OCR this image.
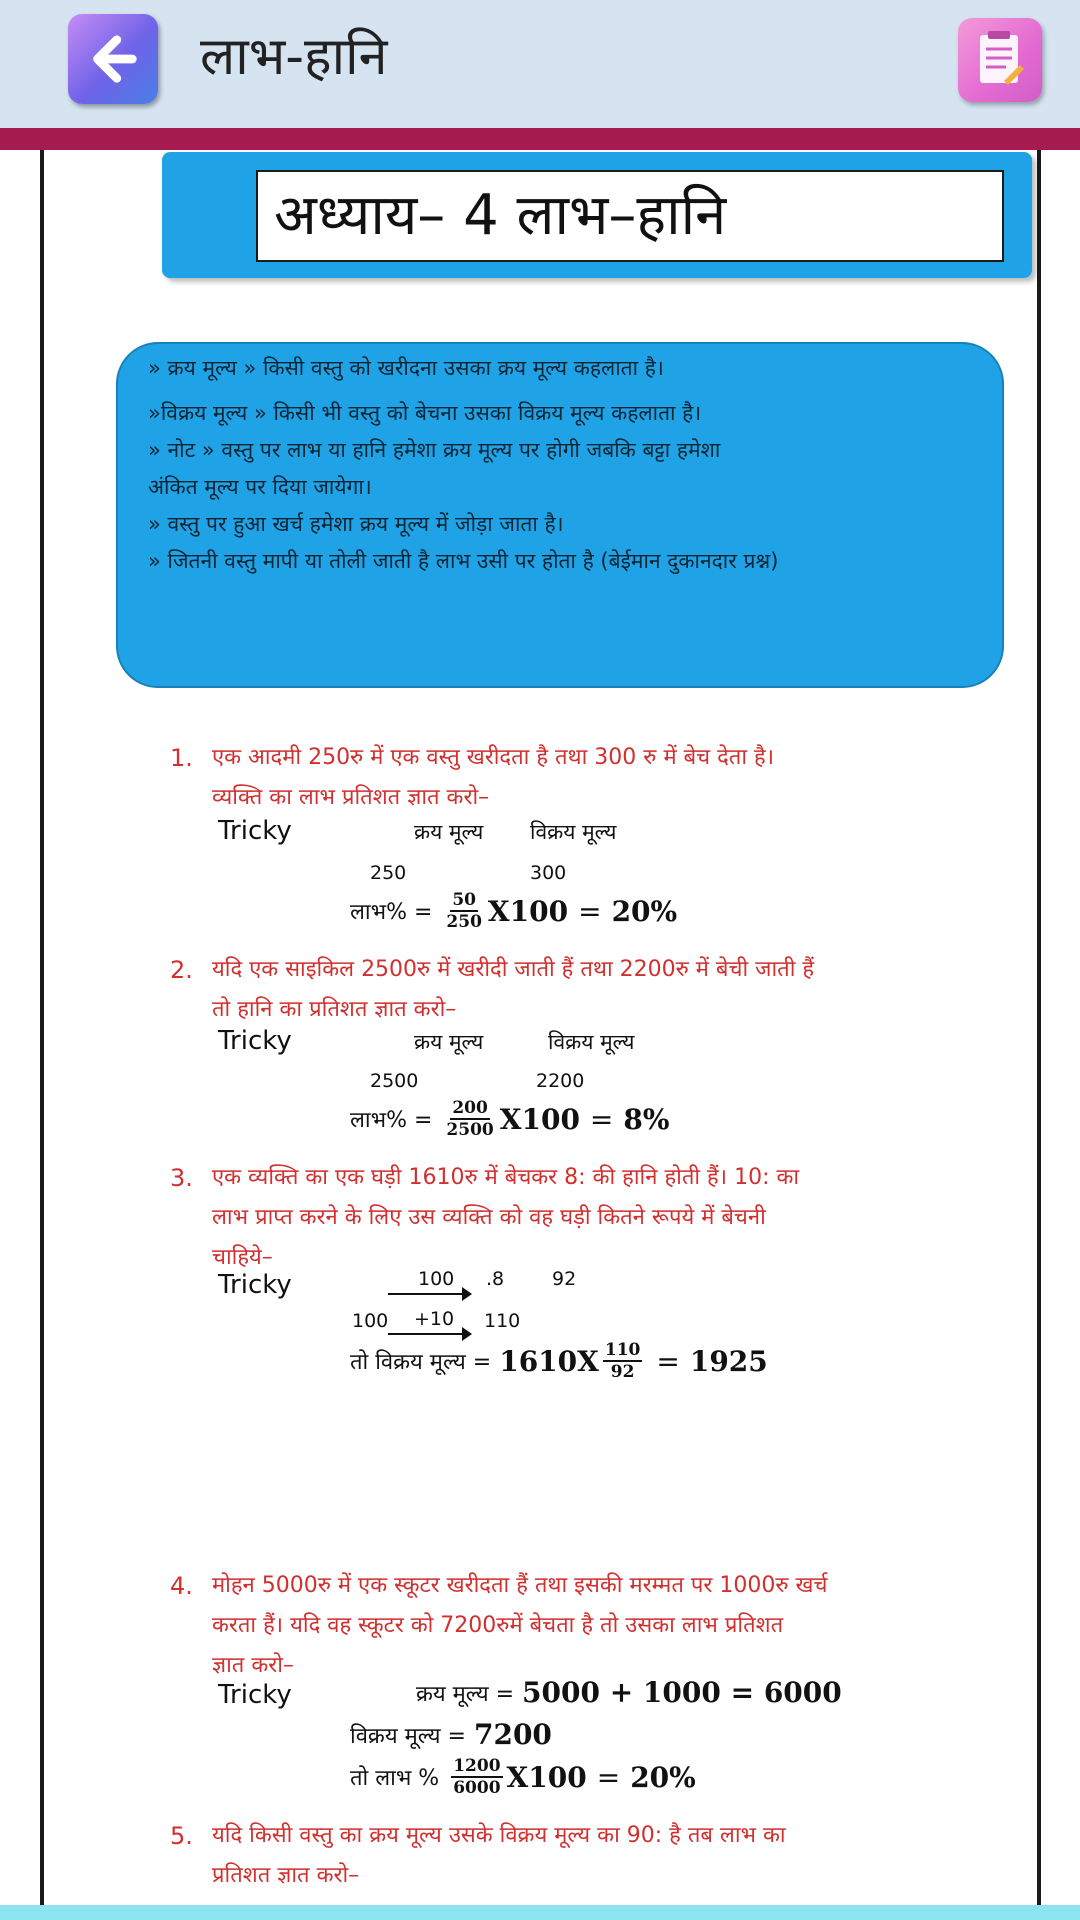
लाभ-हानि
अध्याय– 4 लाभ–हानि
» क्रय मूल्य » किसी वस्तु को खरीदना उसका क्रय मूल्य कहलाता है।
»विक्रय मूल्य » किसी भी वस्तु को बेचना उसका विक्रय मूल्य कहलाता है।
» नोट » वस्तु पर लाभ या हानि हमेशा क्रय मूल्य पर होगी जबकि बट्टा हमेशा
अंकित मूल्य पर दिया जायेगा।
» वस्तु पर हुआ खर्च हमेशा क्रय मूल्य में जोड़ा जाता है।
» जितनी वस्तु मापी या तोली जाती है लाभ उसी पर होता है (बेईमान दुकानदार प्रश्न)
1. एक आदमी 250रु में एक वस्तु खरीदता है तथा 300 रु में बेच देता है।
व्यक्ति का लाभ प्रतिशत ज्ञात करो–
Tricky	क्रय मूल्य विक्रय मूल्य
250	300
लाभ% = $\frac{50}{250} X100 = 20\%$
2. यदि एक साइकिल 2500रु में खरीदी जाती हैं तथा 2200रु में बेची जाती हैं
तो हानि का प्रतिशत ज्ञात करो–
Tricky	क्रय मूल्य	विक्रय मूल्य
2500	2200
लाभ% = $\frac{200}{2500} X100 = 8\%$
3. एक व्यक्ति का एक घड़ी 1610रु में बेचकर 8: की हानि होती हैं। 10: का
लाभ प्राप्त करने के लिए उस व्यक्ति को वह घड़ी कितने रूपये में बेचनी
चाहिये–
Tricky	100 .8	92
100 +10 110
तो विक्रय मूल्य = $1610X \frac{110}{92} = 1925$
4. मोहन 5000रु में एक स्कूटर खरीदता हैं तथा इसकी मरम्मत पर 1000रु खर्च
करता हैं। यदि वह स्कूटर को 7200रुमें बेचता है तो उसका लाभ प्रतिशत
ज्ञात करो–
Tricky	क्रय मूल्य = 5000 + 1000 = 6000
विक्रय मूल्य = 7200
तो लाभ % $\frac{1200}{6000} X100 = 20\%$
5. यदि किसी वस्तु का क्रय मूल्य उसके विक्रय मूल्य का 90: है तब लाभ का
प्रतिशत ज्ञात करो–
